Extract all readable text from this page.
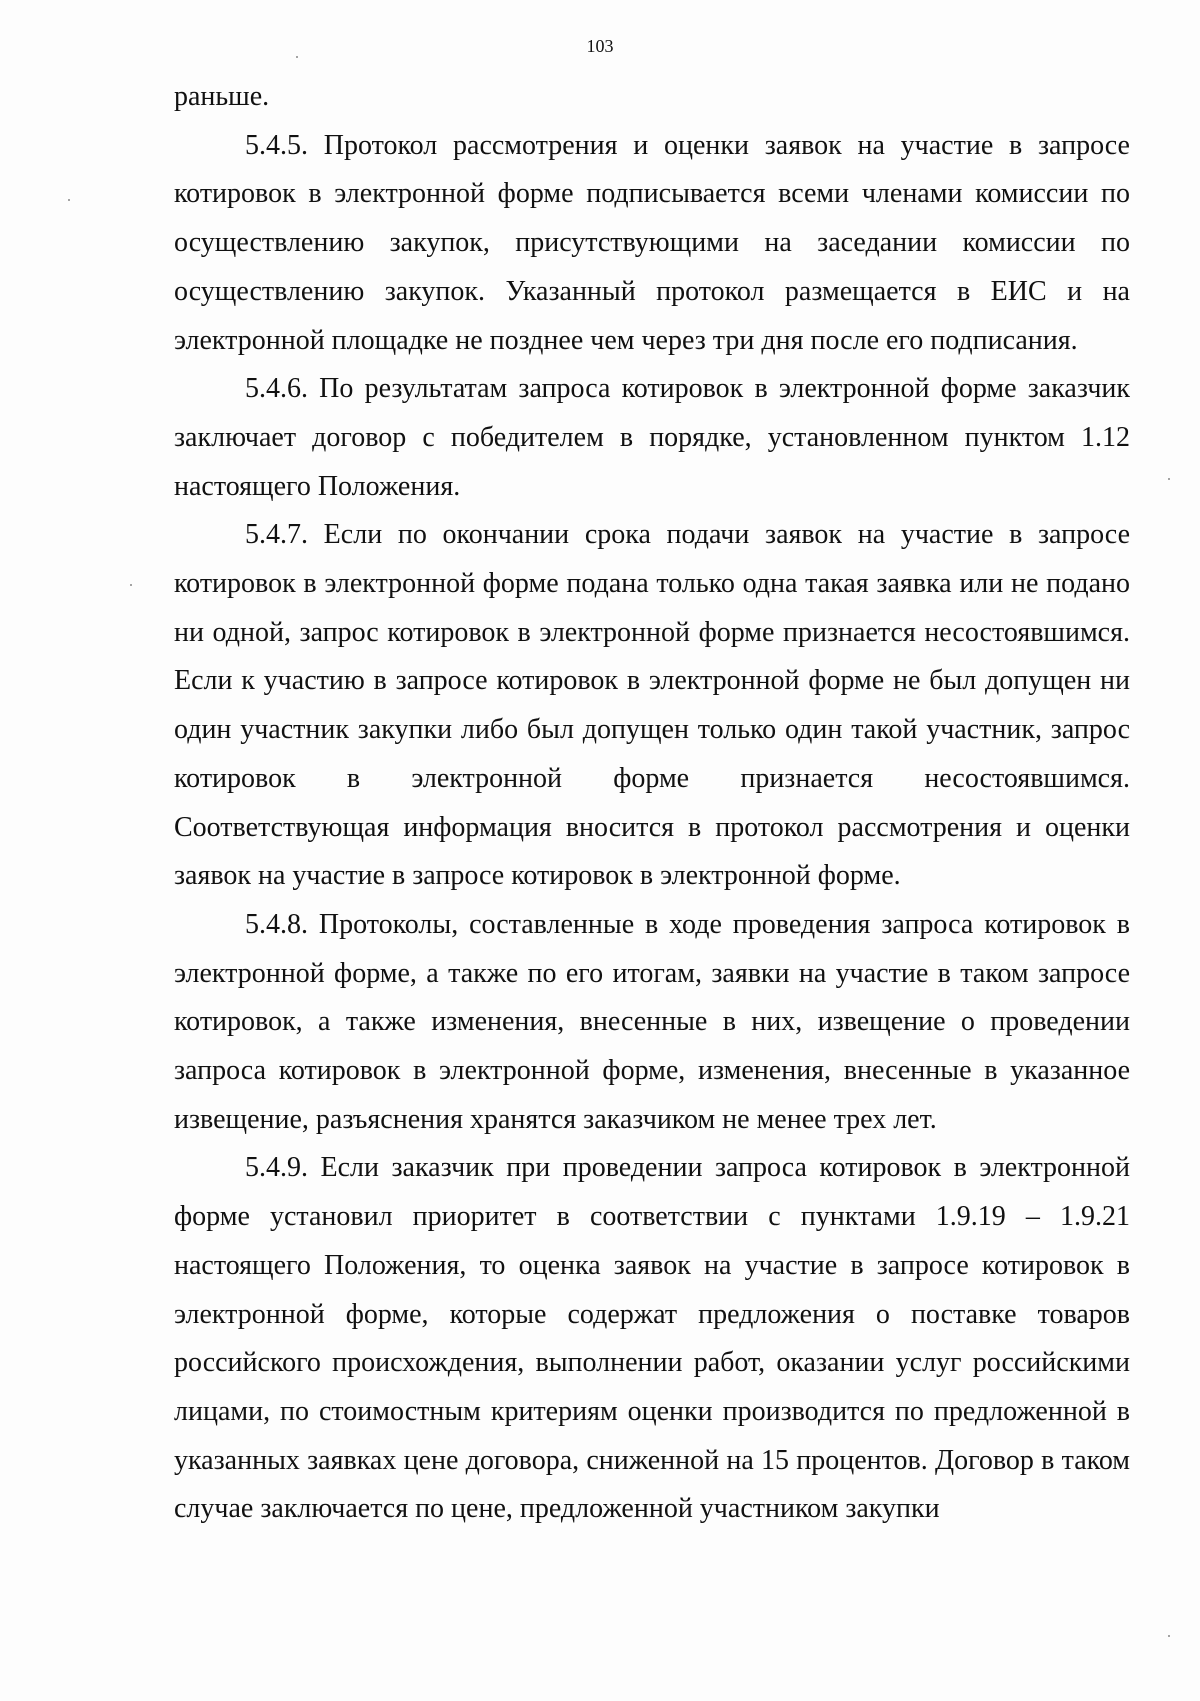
103

раньше.

5.4.5. Протокол рассмотрения и оценки заявок на участие в запросе котировок в электронной форме подписывается всеми членами комиссии по осуществлению закупок, присутствующими на заседании комиссии по осуществлению закупок. Указанный протокол размещается в ЕИС и на электронной площадке не позднее чем через три дня после его подписания.

5.4.6. По результатам запроса котировок в электронной форме заказчик заключает договор с победителем в порядке, установленном пунктом 1.12 настоящего Положения.

5.4.7. Если по окончании срока подачи заявок на участие в запросе котировок в электронной форме подана только одна такая заявка или не подано ни одной, запрос котировок в электронной форме признается несостоявшимся. Если к участию в запросе котировок в электронной форме не был допущен ни один участник закупки либо был допущен только один такой участник, запрос котировок в электронной форме признается несостоявшимся. Соответствующая информация вносится в протокол рассмотрения и оценки заявок на участие в запросе котировок в электронной форме.

5.4.8. Протоколы, составленные в ходе проведения запроса котировок в электронной форме, а также по его итогам, заявки на участие в таком запросе котировок, а также изменения, внесенные в них, извещение о проведении запроса котировок в электронной форме, изменения, внесенные в указанное извещение, разъяснения хранятся заказчиком не менее трех лет.

5.4.9. Если заказчик при проведении запроса котировок в электронной форме установил приоритет в соответствии с пунктами 1.9.19 – 1.9.21 настоящего Положения, то оценка заявок на участие в запросе котировок в электронной форме, которые содержат предложения о поставке товаров российского происхождения, выполнении работ, оказании услуг российскими лицами, по стоимостным критериям оценки производится по предложенной в указанных заявках цене договора, сниженной на 15 процентов. Договор в таком случае заключается по цене, предложенной участником закупки
